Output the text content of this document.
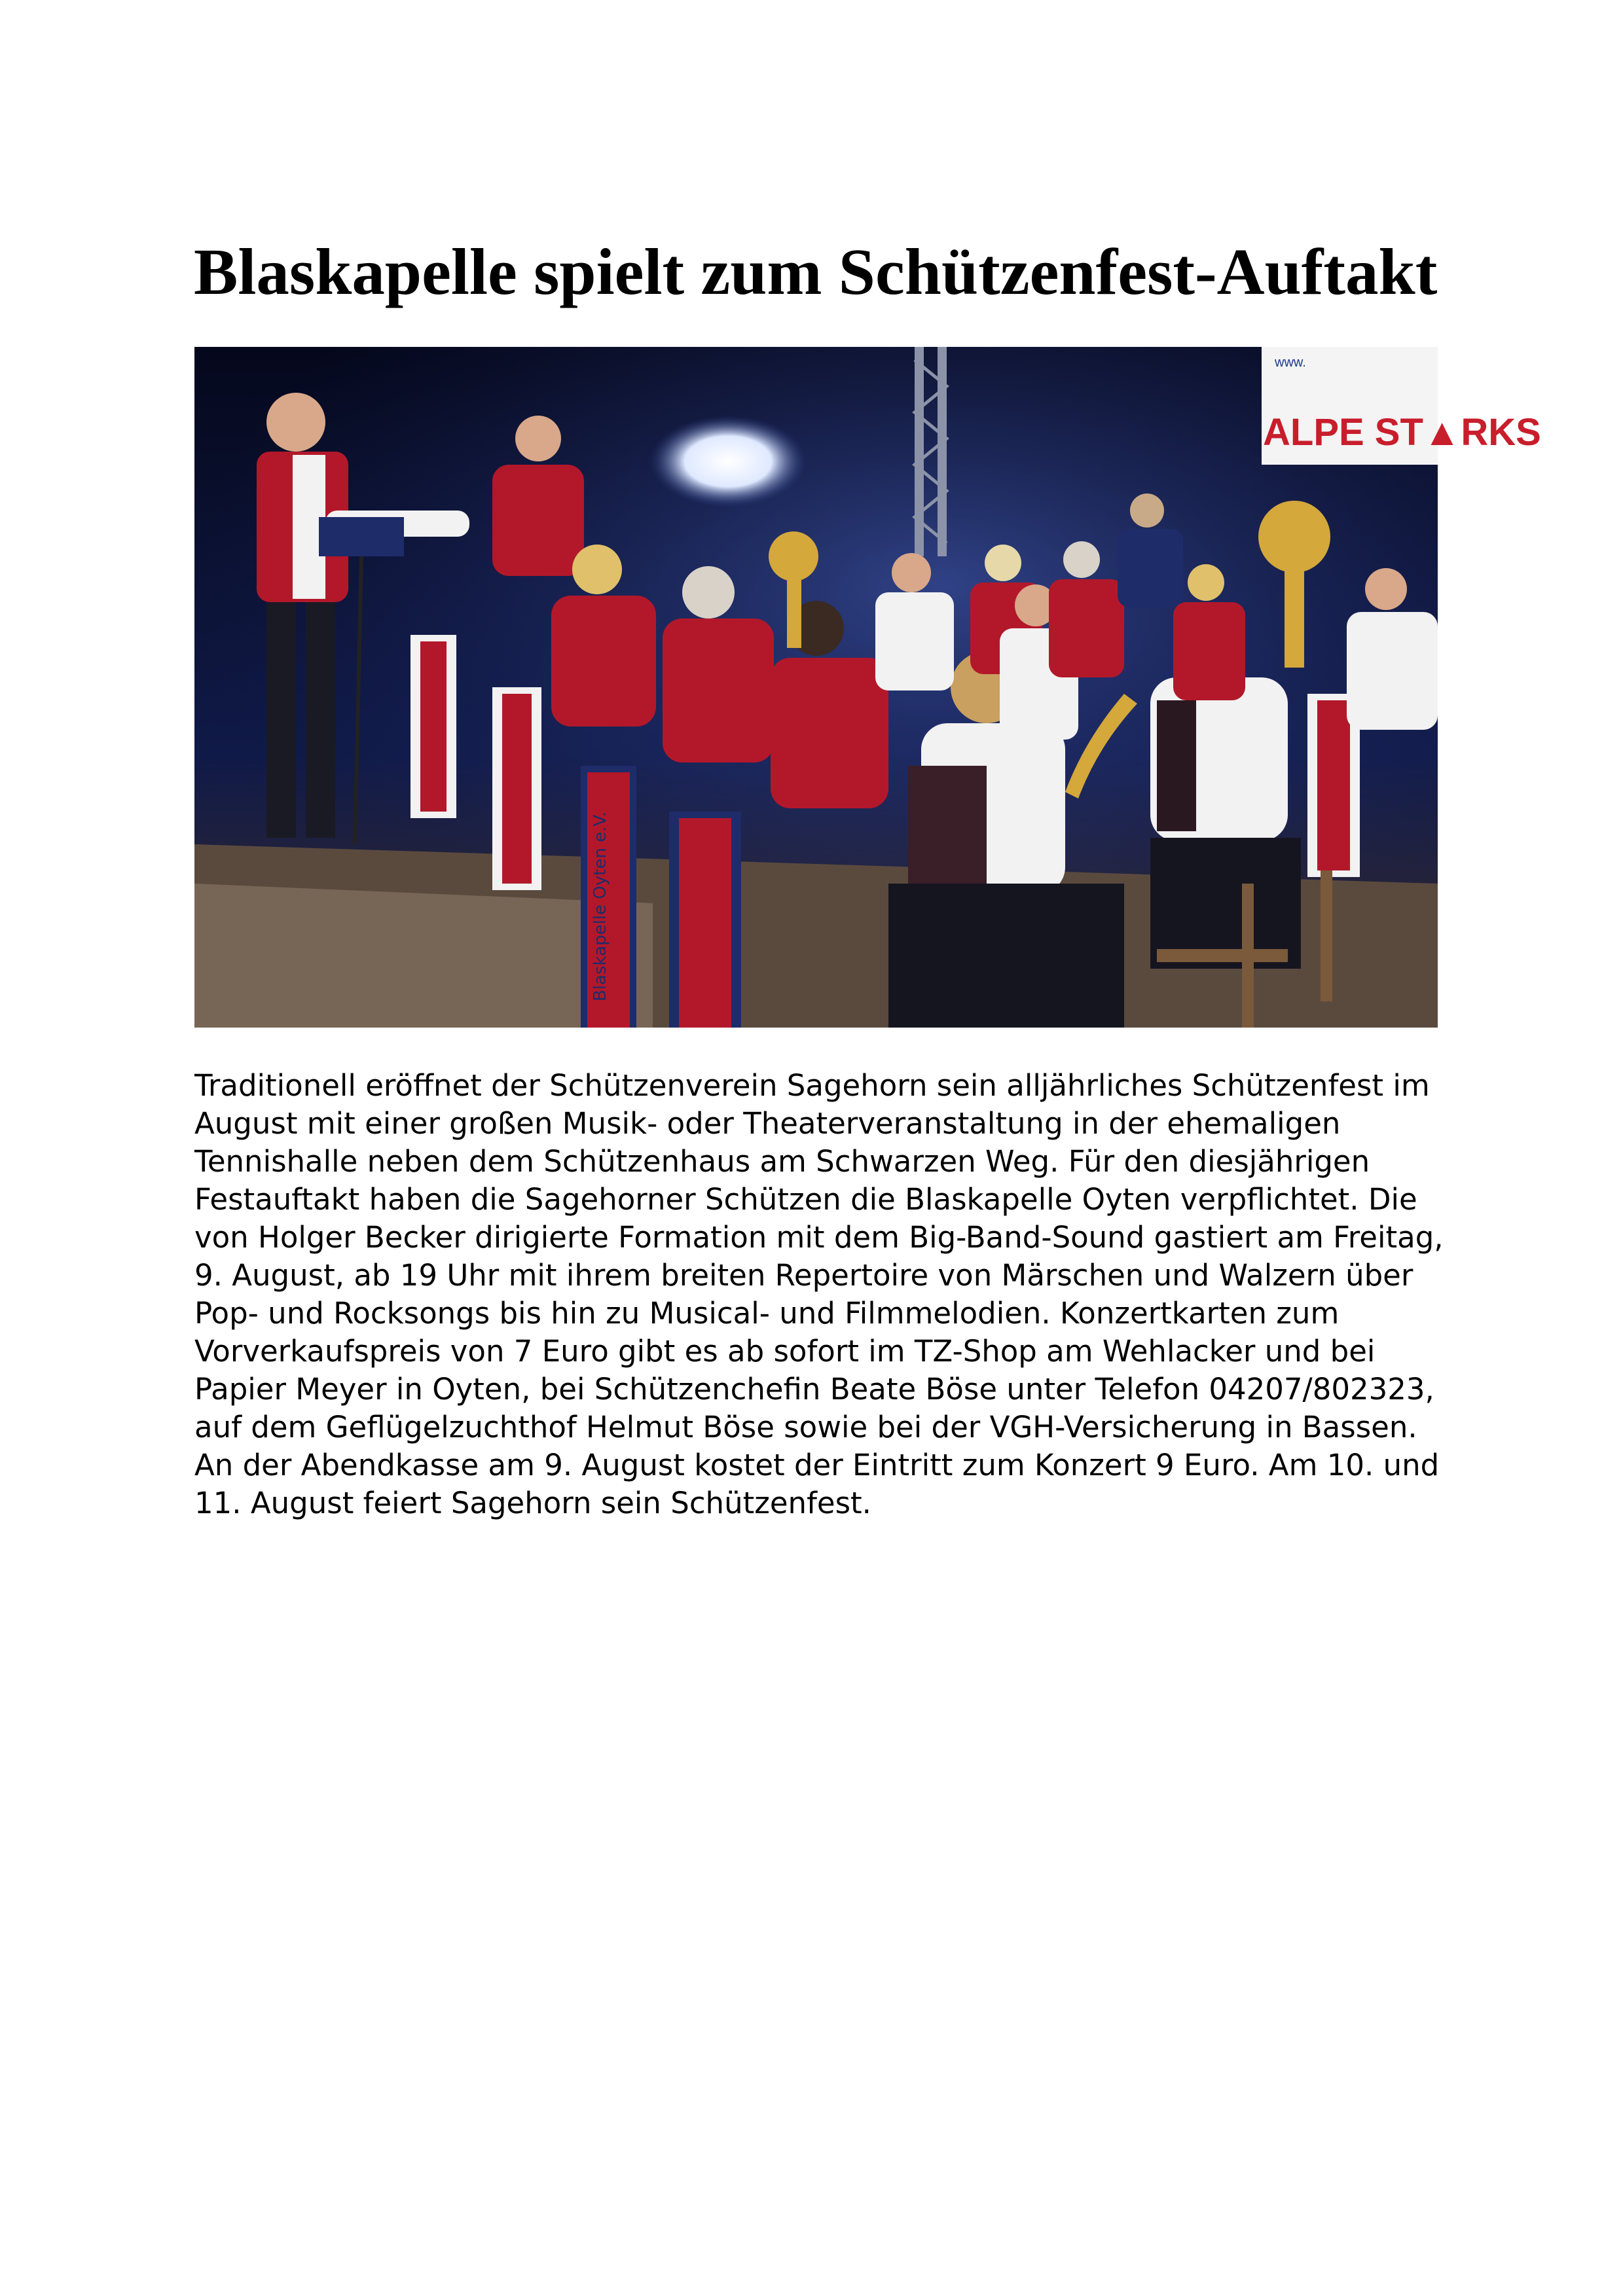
Blaskapelle spielt zum Schützenfest-Auftakt
www.
ALPE ST▲RKS
Blaskapelle Oyten e.V.

Traditionell eröffnet der Schützenverein Sagehorn sein alljährliches Schützenfest im August mit einer großen Musik- oder Theaterveranstaltung in der ehemaligen Tennishalle neben dem Schützenhaus am Schwarzen Weg. Für den diesjährigen Festauftakt haben die Sagehorner Schützen die Blaskapelle Oyten verpflichtet. Die von Holger Becker dirigierte Formation mit dem Big-Band-Sound gastiert am Freitag, 9. August, ab 19 Uhr mit ihrem breiten Repertoire von Märschen und Walzern über Pop- und Rocksongs bis hin zu Musical- und Filmmelodien. Konzertkarten zum Vorverkaufspreis von 7 Euro gibt es ab sofort im TZ-Shop am Wehlacker und bei Papier Meyer in Oyten, bei Schützenchefin Beate Böse unter Telefon 04207/802323, auf dem Geflügelzuchthof Helmut Böse sowie bei der VGH-Versicherung in Bassen. An der Abendkasse am 9. August kostet der Eintritt zum Konzert 9 Euro. Am 10. und 11. August feiert Sagehorn sein Schützenfest.
